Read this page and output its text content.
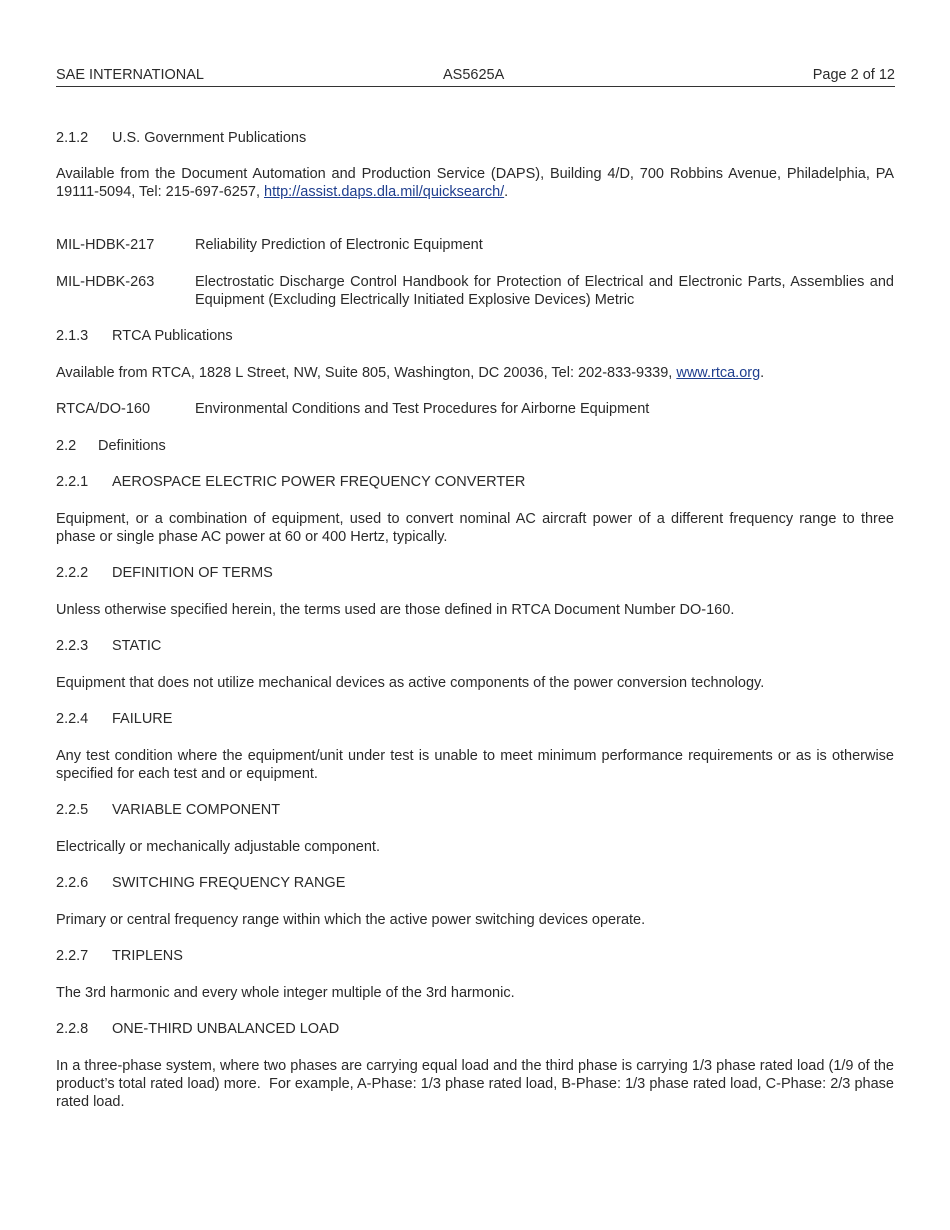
SAE INTERNATIONAL	AS5625A	Page 2 of 12
2.1.2 U.S. Government Publications
Available from the Document Automation and Production Service (DAPS), Building 4/D, 700 Robbins Avenue, Philadelphia, PA 19111-5094, Tel: 215-697-6257, http://assist.daps.dla.mil/quicksearch/.
MIL-HDBK-217	Reliability Prediction of Electronic Equipment
MIL-HDBK-263	Electrostatic Discharge Control Handbook for Protection of Electrical and Electronic Parts, Assemblies and Equipment (Excluding Electrically Initiated Explosive Devices) Metric
2.1.3 RTCA Publications
Available from RTCA, 1828 L Street, NW, Suite 805, Washington, DC 20036, Tel: 202-833-9339, www.rtca.org.
RTCA/DO-160	Environmental Conditions and Test Procedures for Airborne Equipment
2.2 Definitions
2.2.1 AEROSPACE ELECTRIC POWER FREQUENCY CONVERTER
Equipment, or a combination of equipment, used to convert nominal AC aircraft power of a different frequency range to three phase or single phase AC power at 60 or 400 Hertz, typically.
2.2.2 DEFINITION OF TERMS
Unless otherwise specified herein, the terms used are those defined in RTCA Document Number DO-160.
2.2.3 STATIC
Equipment that does not utilize mechanical devices as active components of the power conversion technology.
2.2.4 FAILURE
Any test condition where the equipment/unit under test is unable to meet minimum performance requirements or as is otherwise specified for each test and or equipment.
2.2.5 VARIABLE COMPONENT
Electrically or mechanically adjustable component.
2.2.6 SWITCHING FREQUENCY RANGE
Primary or central frequency range within which the active power switching devices operate.
2.2.7 TRIPLENS
The 3rd harmonic and every whole integer multiple of the 3rd harmonic.
2.2.8 ONE-THIRD UNBALANCED LOAD
In a three-phase system, where two phases are carrying equal load and the third phase is carrying 1/3 phase rated load (1/9 of the product’s total rated load) more.  For example, A-Phase: 1/3 phase rated load, B-Phase: 1/3 phase rated load, C-Phase: 2/3 phase rated load.
